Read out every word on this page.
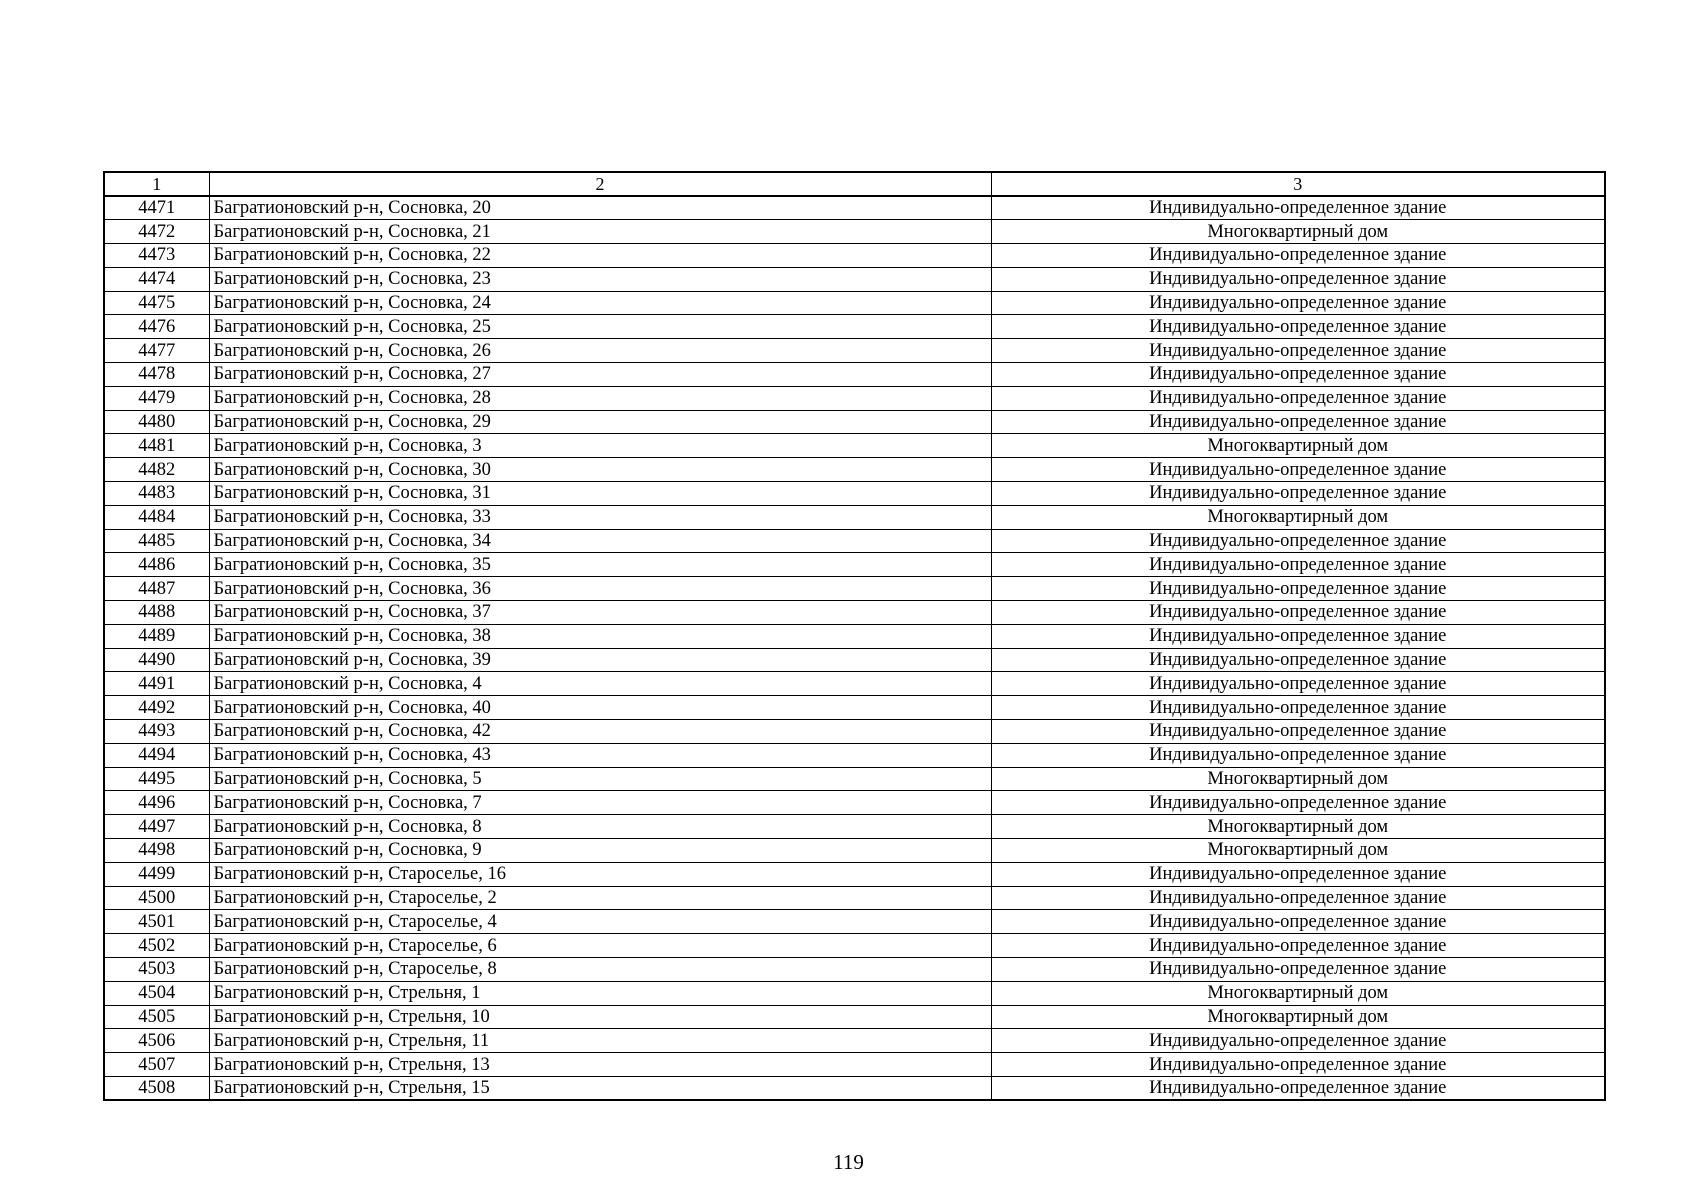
1	2	3
4471	Багратионовский р-н, Сосновка, 20	Индивидуально-определенное здание
4472	Багратионовский р-н, Сосновка, 21	Многоквартирный дом
4473	Багратионовский р-н, Сосновка, 22	Индивидуально-определенное здание
4474	Багратионовский р-н, Сосновка, 23	Индивидуально-определенное здание
4475	Багратионовский р-н, Сосновка, 24	Индивидуально-определенное здание
4476	Багратионовский р-н, Сосновка, 25	Индивидуально-определенное здание
4477	Багратионовский р-н, Сосновка, 26	Индивидуально-определенное здание
4478	Багратионовский р-н, Сосновка, 27	Индивидуально-определенное здание
4479	Багратионовский р-н, Сосновка, 28	Индивидуально-определенное здание
4480	Багратионовский р-н, Сосновка, 29	Индивидуально-определенное здание
4481	Багратионовский р-н, Сосновка, 3	Многоквартирный дом
4482	Багратионовский р-н, Сосновка, 30	Индивидуально-определенное здание
4483	Багратионовский р-н, Сосновка, 31	Индивидуально-определенное здание
4484	Багратионовский р-н, Сосновка, 33	Многоквартирный дом
4485	Багратионовский р-н, Сосновка, 34	Индивидуально-определенное здание
4486	Багратионовский р-н, Сосновка, 35	Индивидуально-определенное здание
4487	Багратионовский р-н, Сосновка, 36	Индивидуально-определенное здание
4488	Багратионовский р-н, Сосновка, 37	Индивидуально-определенное здание
4489	Багратионовский р-н, Сосновка, 38	Индивидуально-определенное здание
4490	Багратионовский р-н, Сосновка, 39	Индивидуально-определенное здание
4491	Багратионовский р-н, Сосновка, 4	Индивидуально-определенное здание
4492	Багратионовский р-н, Сосновка, 40	Индивидуально-определенное здание
4493	Багратионовский р-н, Сосновка, 42	Индивидуально-определенное здание
4494	Багратионовский р-н, Сосновка, 43	Индивидуально-определенное здание
4495	Багратионовский р-н, Сосновка, 5	Многоквартирный дом
4496	Багратионовский р-н, Сосновка, 7	Индивидуально-определенное здание
4497	Багратионовский р-н, Сосновка, 8	Многоквартирный дом
4498	Багратионовский р-н, Сосновка, 9	Многоквартирный дом
4499	Багратионовский р-н, Староселье, 16	Индивидуально-определенное здание
4500	Багратионовский р-н, Староселье, 2	Индивидуально-определенное здание
4501	Багратионовский р-н, Староселье, 4	Индивидуально-определенное здание
4502	Багратионовский р-н, Староселье, 6	Индивидуально-определенное здание
4503	Багратионовский р-н, Староселье, 8	Индивидуально-определенное здание
4504	Багратионовский р-н, Стрельня, 1	Многоквартирный дом
4505	Багратионовский р-н, Стрельня, 10	Многоквартирный дом
4506	Багратионовский р-н, Стрельня, 11	Индивидуально-определенное здание
4507	Багратионовский р-н, Стрельня, 13	Индивидуально-определенное здание
4508	Багратионовский р-н, Стрельня, 15	Индивидуально-определенное здание
119
